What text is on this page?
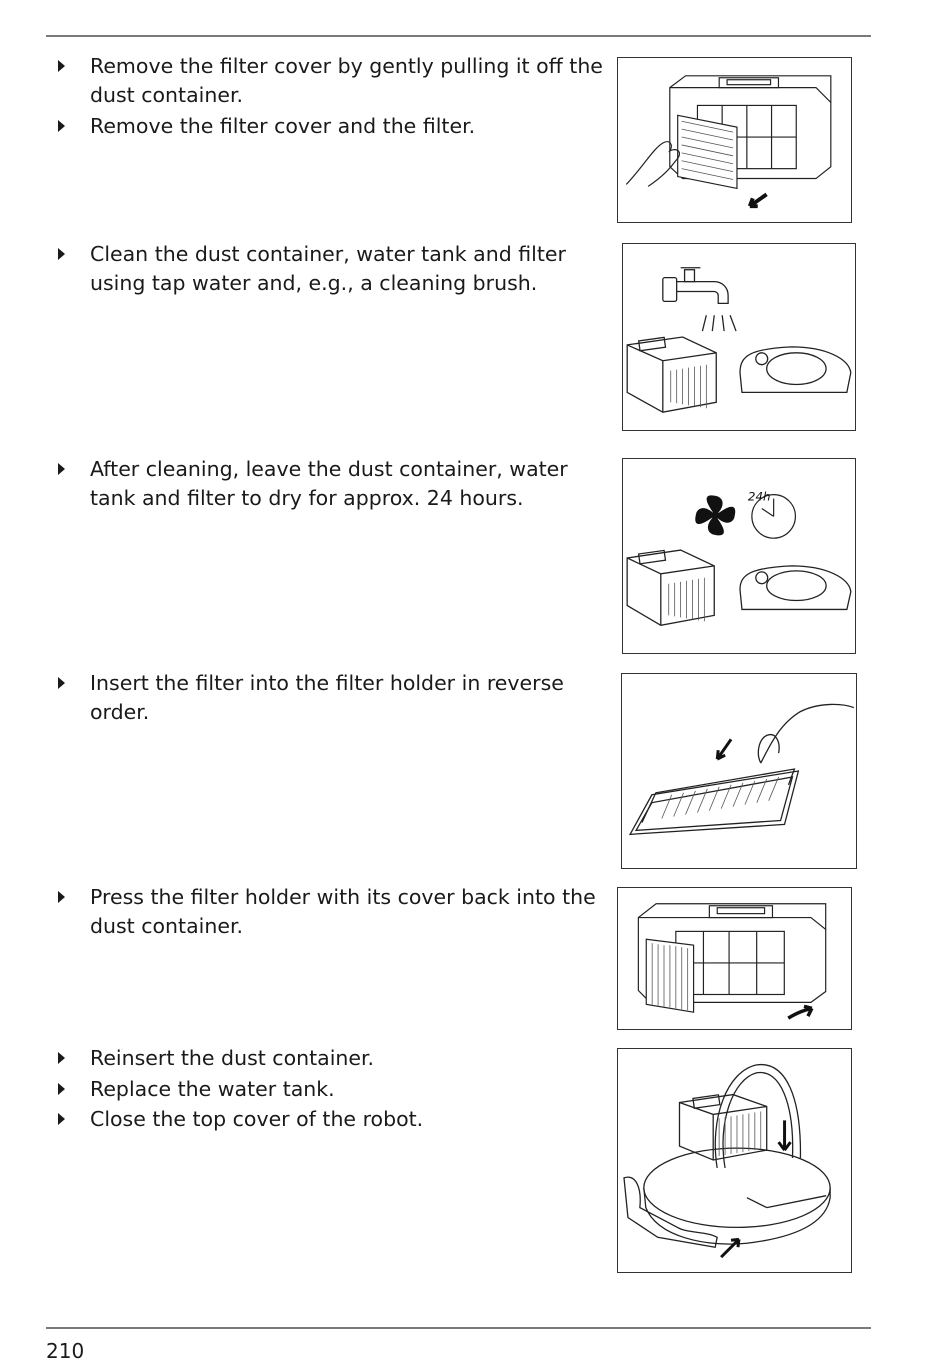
Remove the filter cover by gently pulling it off the dust container.
Remove the filter cover and the filter.
Clean the dust container, water tank and filter using tap water and, e.g., a cleaning brush.
After cleaning, leave the dust container, water tank and filter to dry for approx. 24 hours.	24h
Insert the filter into the filter holder in reverse order.
Press the filter holder with its cover back into the dust container.
Reinsert the dust container.
Replace the water tank.
Close the top cover of the robot.
210
